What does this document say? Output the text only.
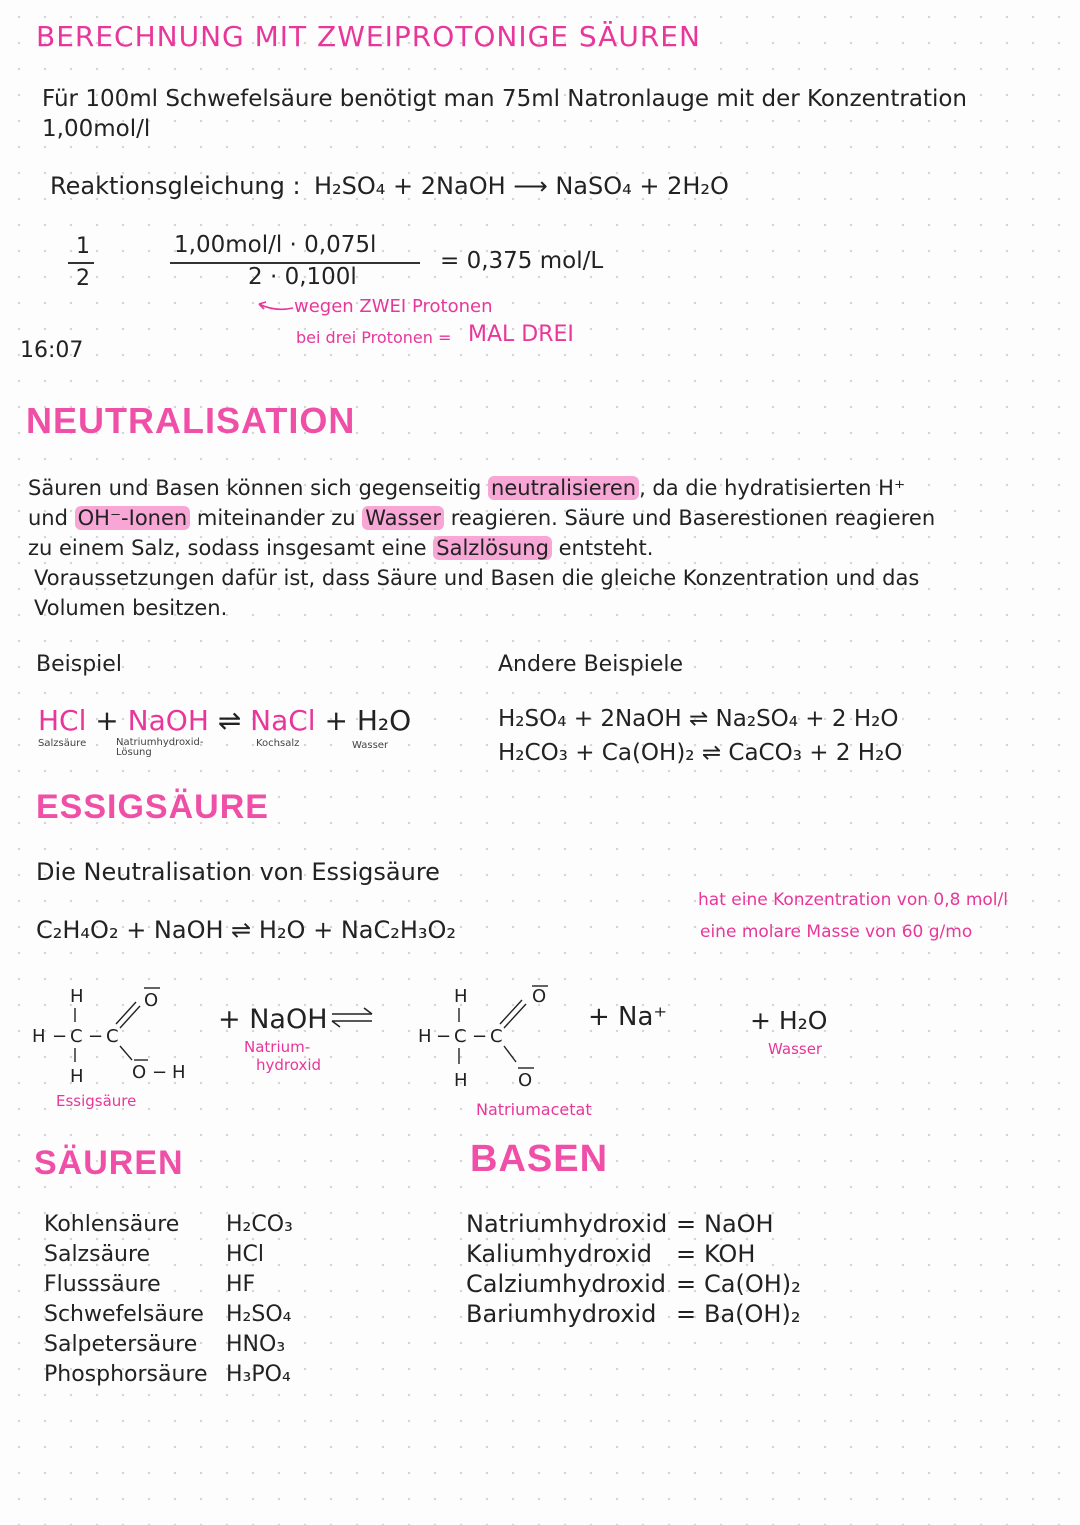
BERECHNUNG MIT ZWEIPROTONIGE SÄUREN
Für 100ml Schwefelsäure benötigt man 75ml Natronlauge mit der Konzentration
1,00mol/l
Reaktionsgleichung : H₂SO₄ + 2NaOH ⟶ NaSO₄ + 2H₂O
1
2
1,00mol/l · 0,075l
2 · 0,100l
= 0,375 mol/L
wegen ZWEI Protonen
bei drei Protonen = MAL DREI
16:07
NEUTRALISATION
Säuren und Basen können sich gegenseitig neutralisieren , da die hydratisierten H⁺
und OH⁻-Ionen miteinander zu Wasser reagieren. Säure und Baserestionen reagieren
zu einem Salz, sodass insgesamt eine Salzlösung entsteht.
Voraussetzungen dafür ist, dass Säure und Basen die gleiche Konzentration und das
Volumen besitzen.
Beispiel
HCl + NaOH ⇌ NaCl + H₂O
Salzsäure	Natriumhydroxid-Lösung
Kochsalz	Wasser
Andere Beispiele
H₂SO₄ + 2NaOH ⇌ Na₂SO₄ + 2 H₂O
H₂CO₃ + Ca(OH)₂ ⇌ CaCO₃ + 2 H₂O
ESSIGSÄURE
Die Neutralisation von Essigsäure
C₂H₄O₂ + NaOH ⇌ H₂O + NaC₂H₃O₂
hat eine Konzentration von 0,8 mol/l
eine molare Masse von 60 g/mo
H
H − C − C
H
O
O − H
Essigsäure
+ NaOH
Natrium-
hydroxid
H
H − C − C
H
O
O
+ Na⁺
Natriumacetat
+ H₂O
Wasser
SÄUREN
Kohlensäure H₂CO₃
Salzsäure	HCl
Flusssäure	HF
Schwefelsäure H₂SO₄
Salpetersäure HNO₃
Phosphorsäure H₃PO₄
BASEN
Natriumhydroxid = NaOH
Kaliumhydroxid = KOH
Calziumhydroxid = Ca(OH)₂
Bariumhydroxid = Ba(OH)₂
